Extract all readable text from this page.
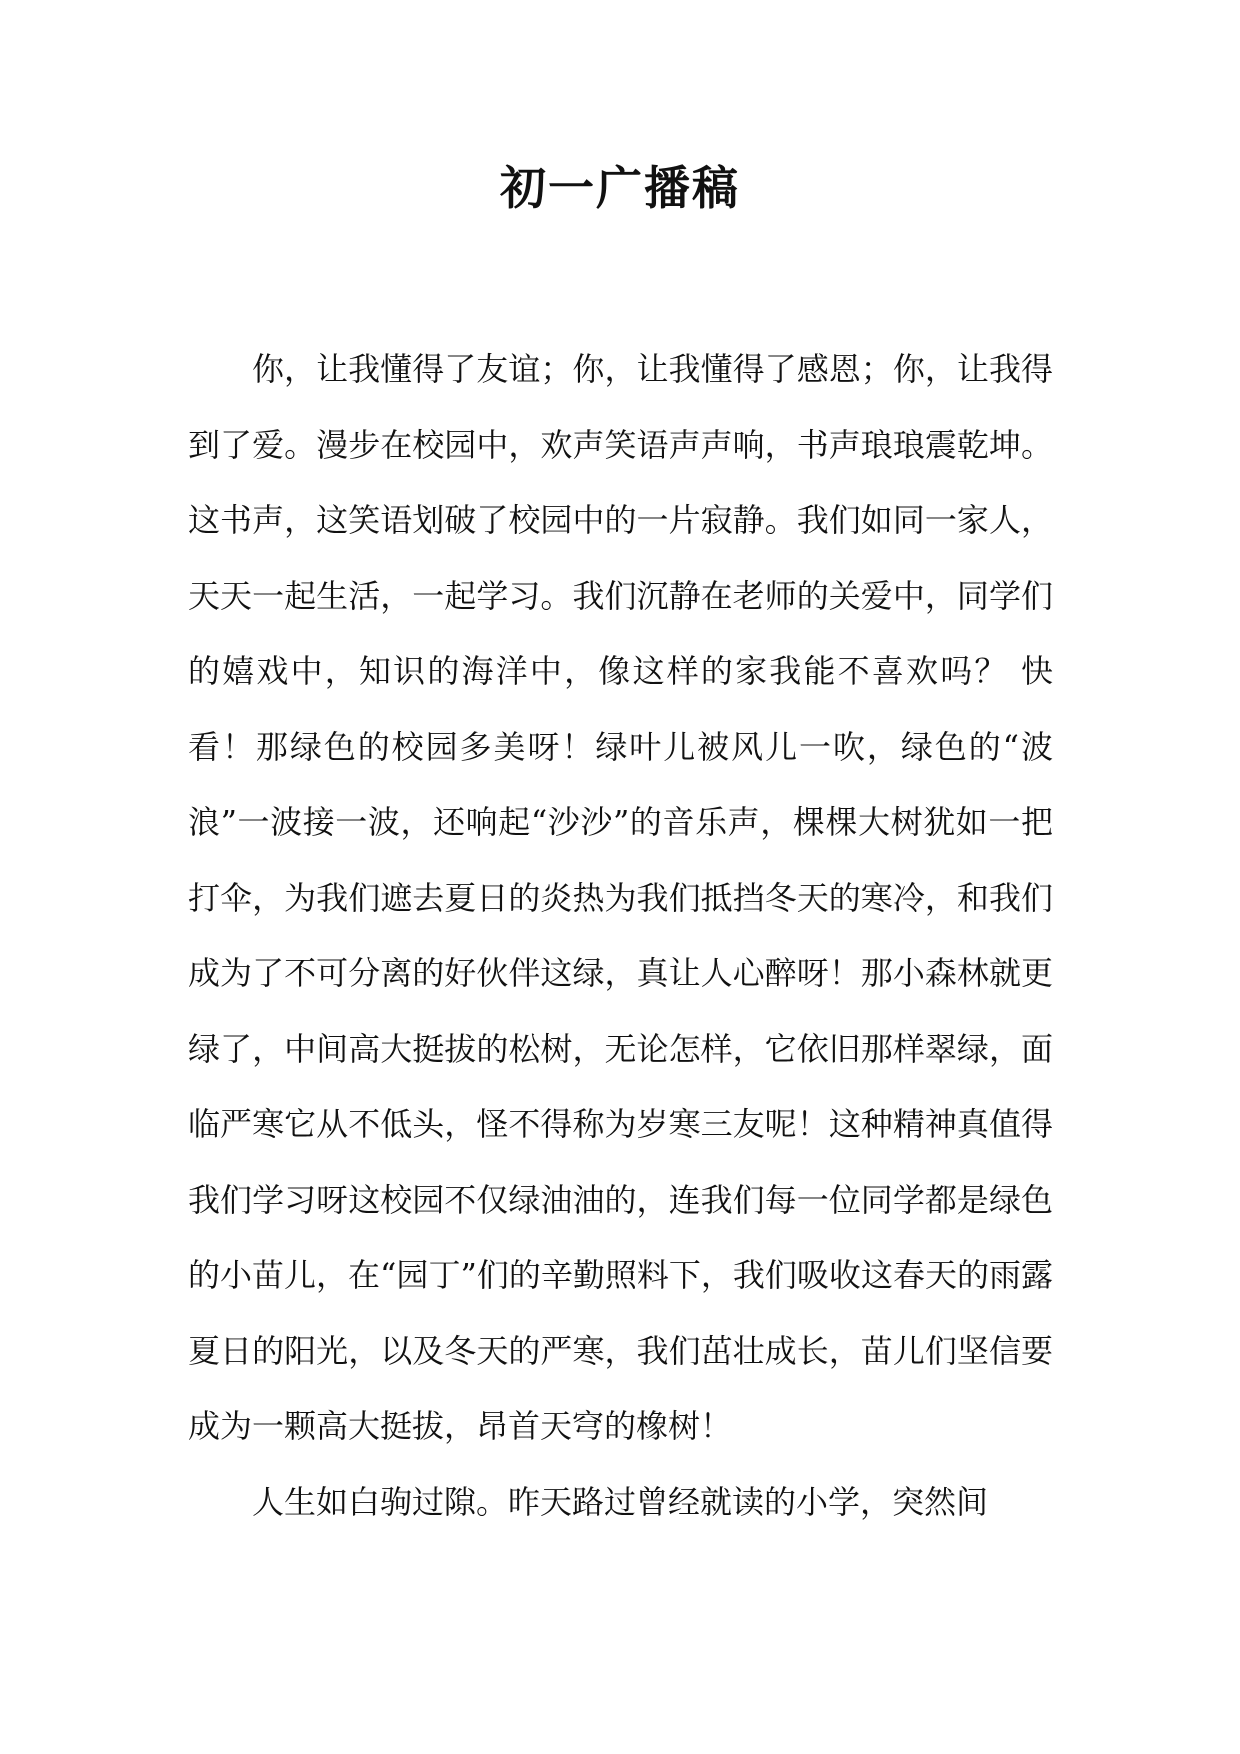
初一广播稿

你，让我懂得了友谊；你，让我懂得了感恩；你，让我得到了爱。漫步在校园中，欢声笑语声声响，书声琅琅震乾坤。这书声，这笑语划破了校园中的一片寂静。我们如同一家人，天天一起生活，一起学习。我们沉静在老师的关爱中，同学们的嬉戏中，知识的海洋中，像这样的家我能不喜欢吗？ 快看！那绿色的校园多美呀！绿叶儿被风儿一吹，绿色的“波浪”一波接一波，还响起“沙沙”的音乐声，棵棵大树犹如一把打伞，为我们遮去夏日的炎热为我们抵挡冬天的寒冷，和我们成为了不可分离的好伙伴这绿，真让人心醉呀！那小森林就更绿了，中间高大挺拔的松树，无论怎样，它依旧那样翠绿，面临严寒它从不低头，怪不得称为岁寒三友呢！这种精神真值得我们学习呀这校园不仅绿油油的，连我们每一位同学都是绿色的小苗儿，在“园丁”们的辛勤照料下，我们吸收这春天的雨露夏日的阳光，以及冬天的严寒，我们茁壮成长，苗儿们坚信要成为一颗高大挺拔，昂首天穹的橡树！

人生如白驹过隙。昨天路过曾经就读的小学，突然间
